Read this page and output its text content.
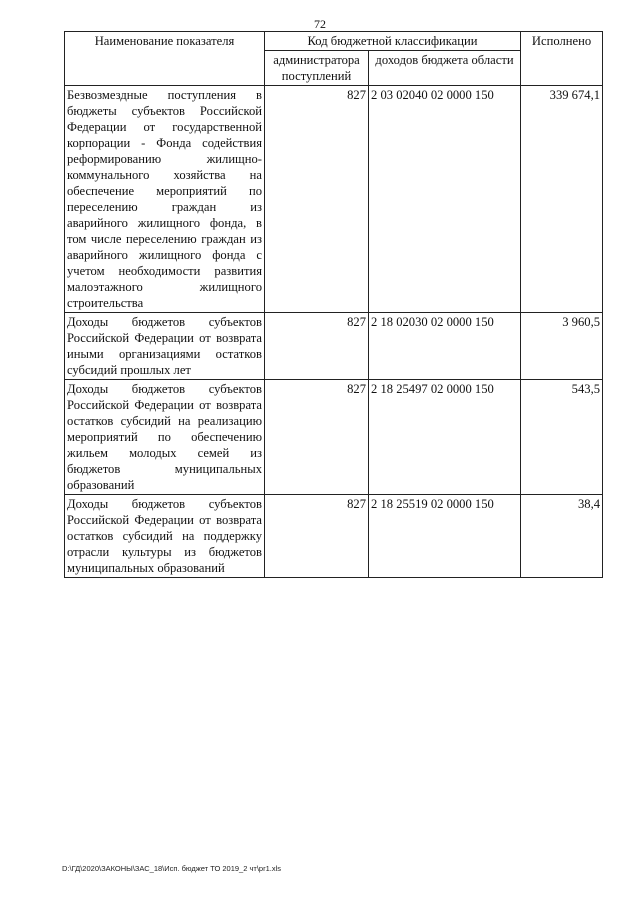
72
Наименование показателя	Код бюджетной классификации		Исполнено
	администратора поступлений	доходов бюджета области	
Безвозмездные поступления в бюджеты субъектов Российской Федерации от государственной корпорации - Фонда содействия реформированию жилищно-коммунального хозяйства на обеспечение мероприятий по переселению граждан из аварийного жилищного фонда, в том числе переселению граждан из аварийного жилищного фонда с учетом необходимости развития малоэтажного жилищного строительства	827	2 03 02040 02 0000 150	339 674,1
Доходы бюджетов субъектов Российской Федерации от возврата иными организациями остатков субсидий прошлых лет	827	2 18 02030 02 0000 150	3 960,5
Доходы бюджетов субъектов Российской Федерации от возврата остатков субсидий на реализацию мероприятий по обеспечению жильем молодых семей из бюджетов муниципальных образований	827	2 18 25497 02 0000 150	543,5
Доходы бюджетов субъектов Российской Федерации от возврата остатков субсидий на поддержку отрасли культуры из бюджетов муниципальных образований	827	2 18 25519 02 0000 150	38,4
D:\ГД\2020\ЗАКОНЫ\ЗАС_18\Исп. бюджет ТО 2019_2 чт\pr1.xls
